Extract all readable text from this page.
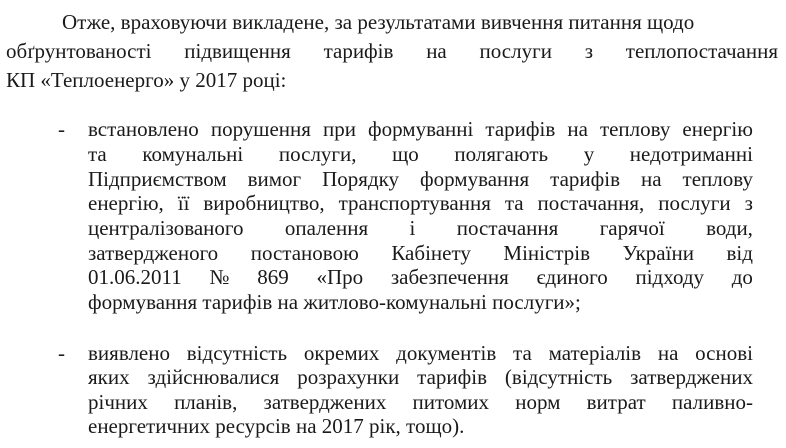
Отже, враховуючи викладене, за результатами вивчення питання щодо
обґрунтованості підвищення тарифів на послуги з теплопостачання
КП «Теплоенерго» у 2017 році:
- встановлено порушення при формуванні тарифів на теплову енергію
та комунальні послуги, що полягають у недотриманні
Підприємством вимог Порядку формування тарифів на теплову
енергію, її виробництво, транспортування та постачання, послуги з
централізованого опалення і постачання гарячої води,
затвердженого постановою Кабінету Міністрів України від
01.06.2011 № 869 «Про забезпечення єдиного підходу до
формування тарифів на житлово-комунальні послуги»;
- виявлено відсутність окремих документів та матеріалів на основі
яких здійснювалися розрахунки тарифів (відсутність затверджених
річних планів, затверджених питомих норм витрат паливно-
енергетичних ресурсів на 2017 рік, тощо).
